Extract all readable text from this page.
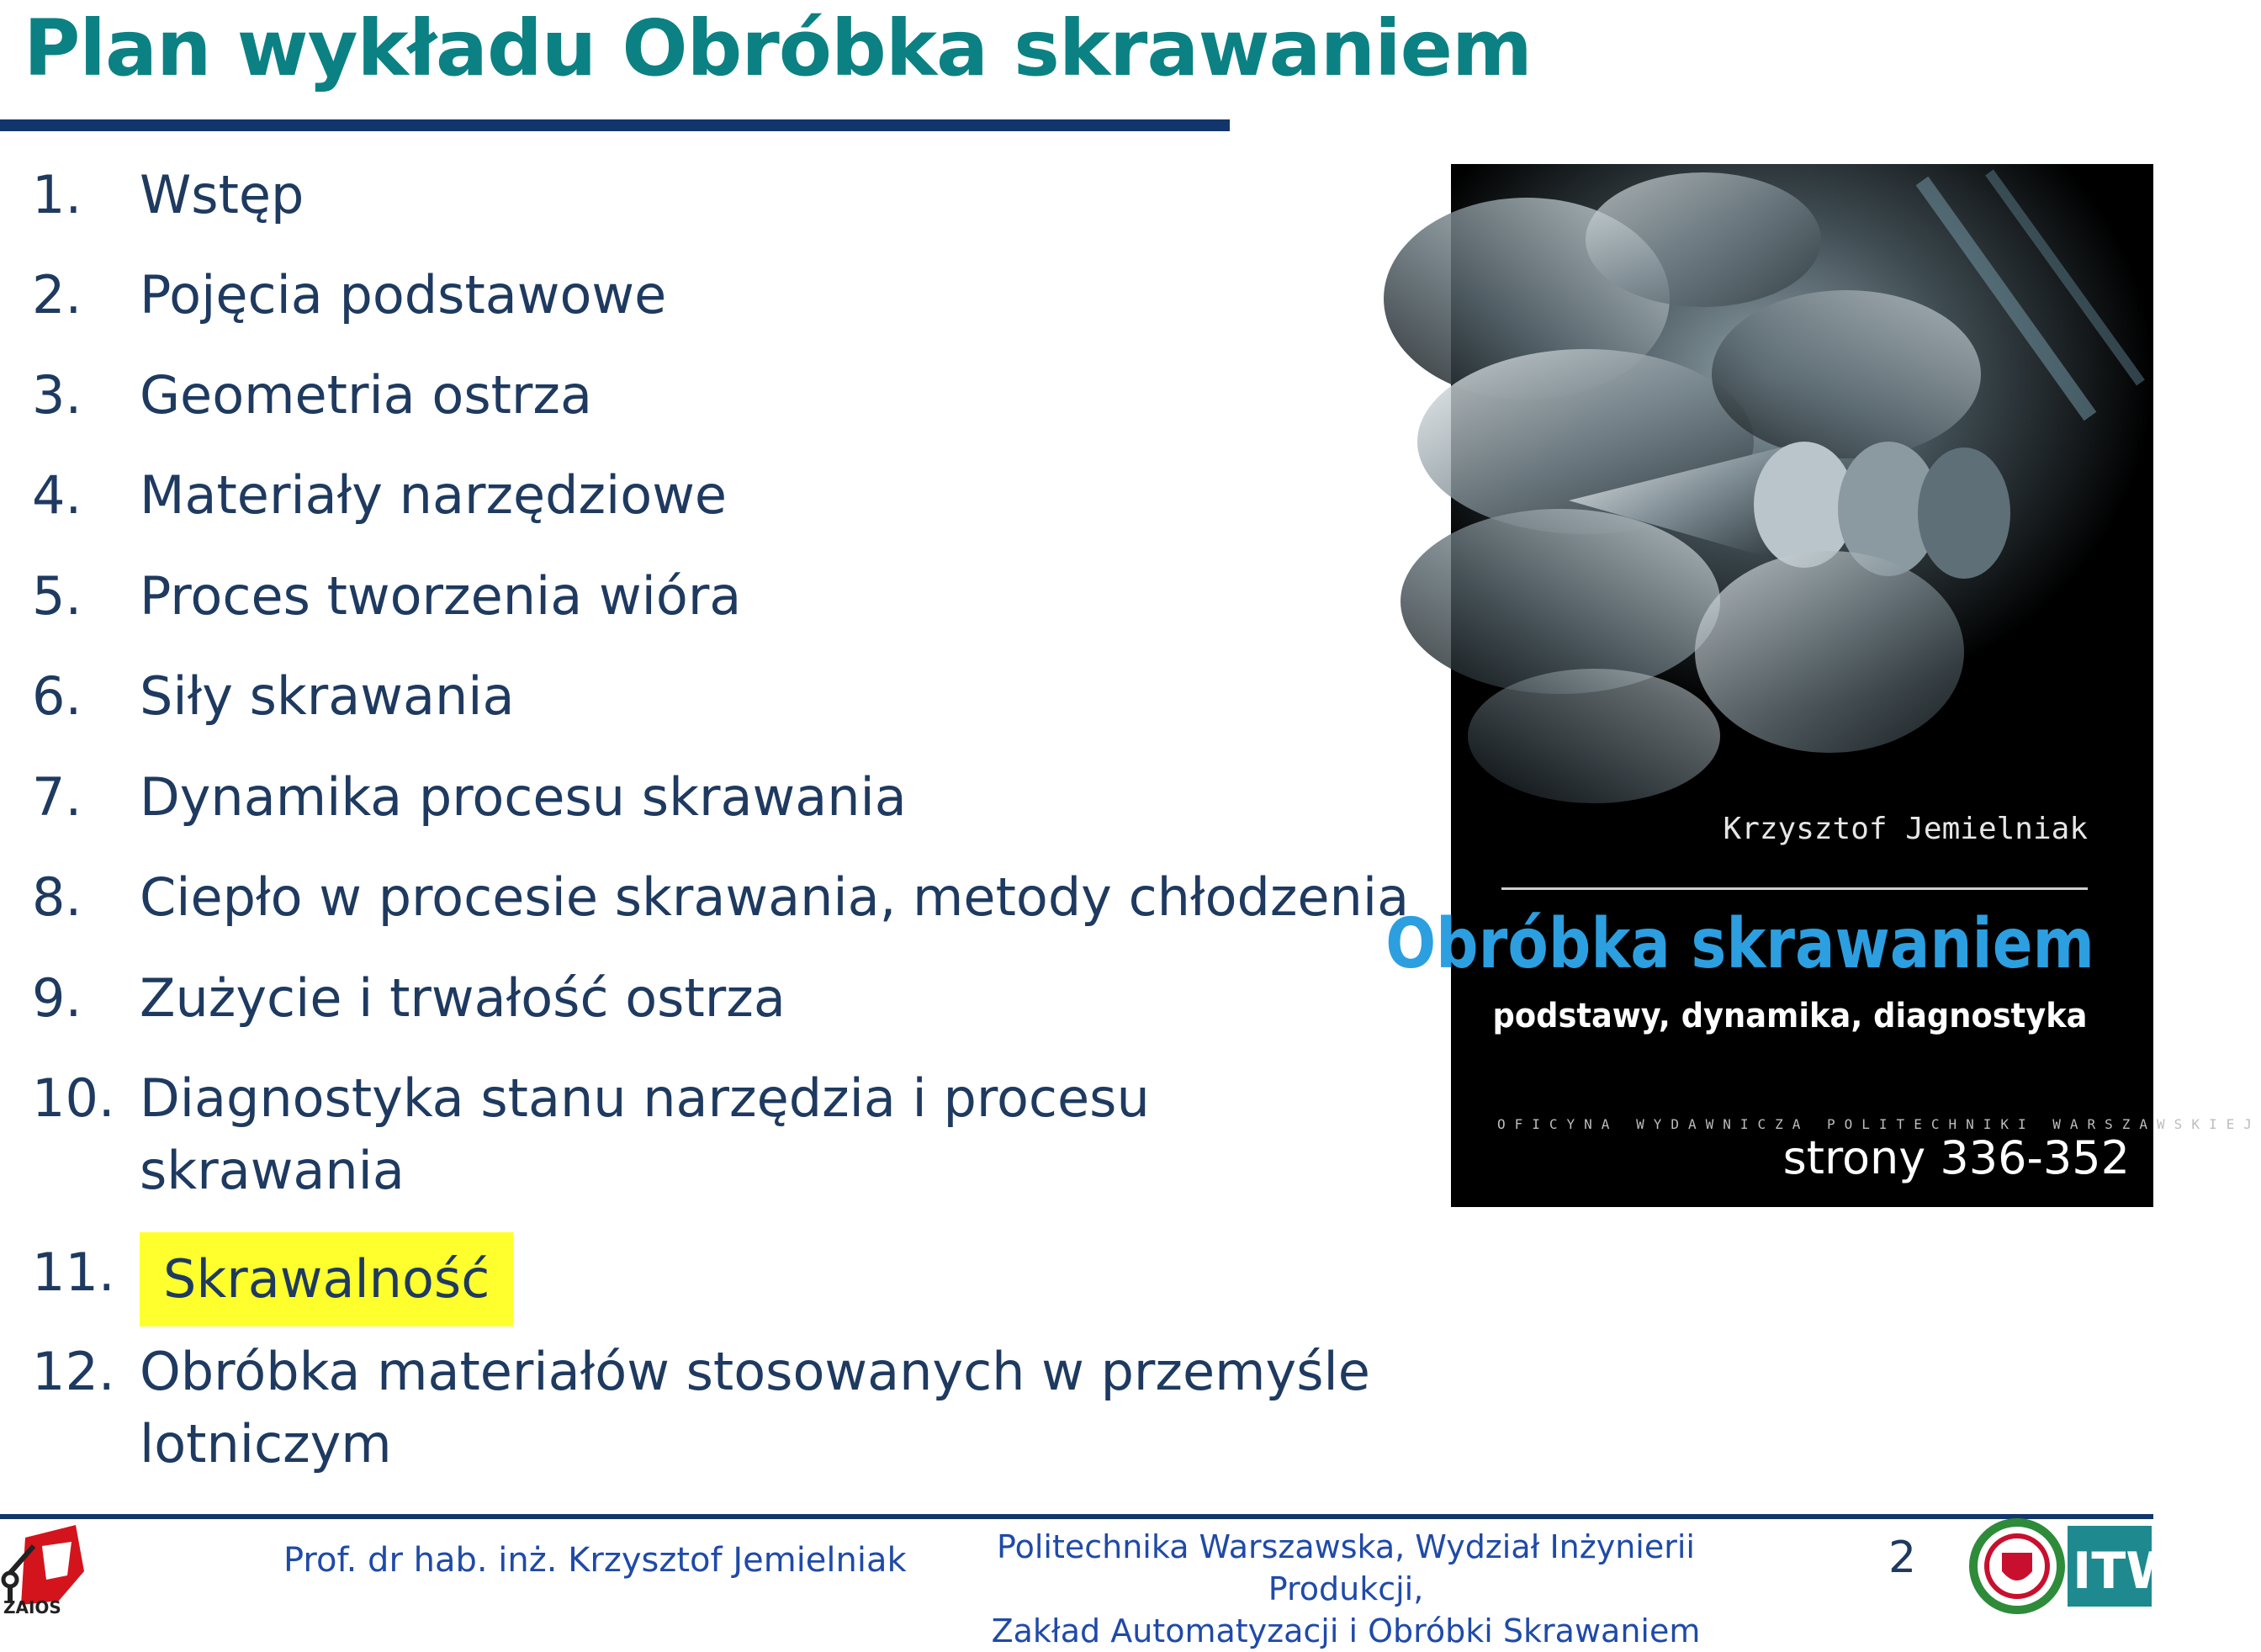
Plan wykładu Obróbka skrawaniem
1. Wstęp
2. Pojęcia podstawowe
3. Geometria ostrza
4. Materiały narzędziowe
5. Proces tworzenia wióra
6. Siły skrawania
7. Dynamika procesu skrawania
8. Ciepło w procesie skrawania, metody chłodzenia
9. Zużycie i trwałość ostrza
10. Diagnostyka stanu narzędzia i procesu
skrawania
11. Skrawalność
12. Obróbka materiałów stosowanych w przemyśle
lotniczym
Krzysztof Jemielniak
Obróbka skrawaniem
podstawy, dynamika, diagnostyka
OFICYNA WYDAWNICZA POLITECHNIKI WARSZAWSKIEJ
strony 336-352
ZAIOS
Prof. dr hab. inż. Krzysztof Jemielniak	Politechnika Warszawska, Wydział Inżynierii Produkcji,
Zakład Automatyzacji i Obróbki Skrawaniem
2	ITW
